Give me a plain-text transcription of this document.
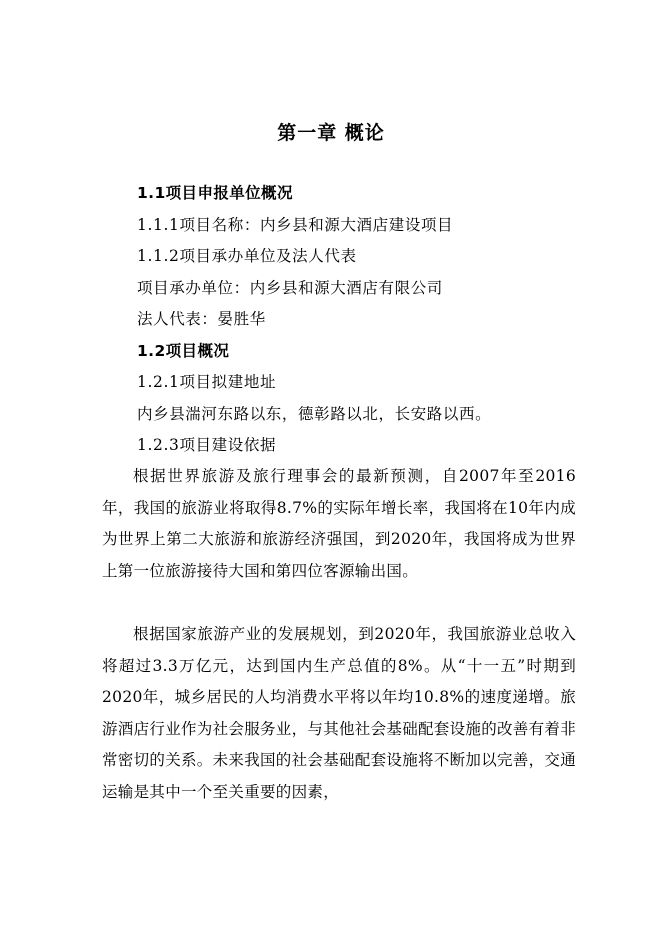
第一章 概论
1.1项目申报单位概况
1.1.1项目名称：内乡县和源大酒店建设项目
1.1.2项目承办单位及法人代表
项目承办单位：内乡县和源大酒店有限公司
法人代表：晏胜华
1.2项目概况
1.2.1项目拟建地址
内乡县湍河东路以东，德彰路以北，长安路以西。
1.2.3项目建设依据
根据世界旅游及旅行理事会的最新预测，自2007年至2016年，我国的旅游业将取得8.7%的实际年增长率，我国将在10年内成为世界上第二大旅游和旅游经济强国，到2020年，我国将成为世界上第一位旅游接待大国和第四位客源输出国。
根据国家旅游产业的发展规划，到2020年，我国旅游业总收入将超过3.3万亿元，达到国内生产总值的8%。从“十一五”时期到2020年，城乡居民的人均消费水平将以年均10.8%的速度递增。旅游酒店行业作为社会服务业，与其他社会基础配套设施的改善有着非常密切的关系。未来我国的社会基础配套设施将不断加以完善，交通运输是其中一个至关重要的因素，
